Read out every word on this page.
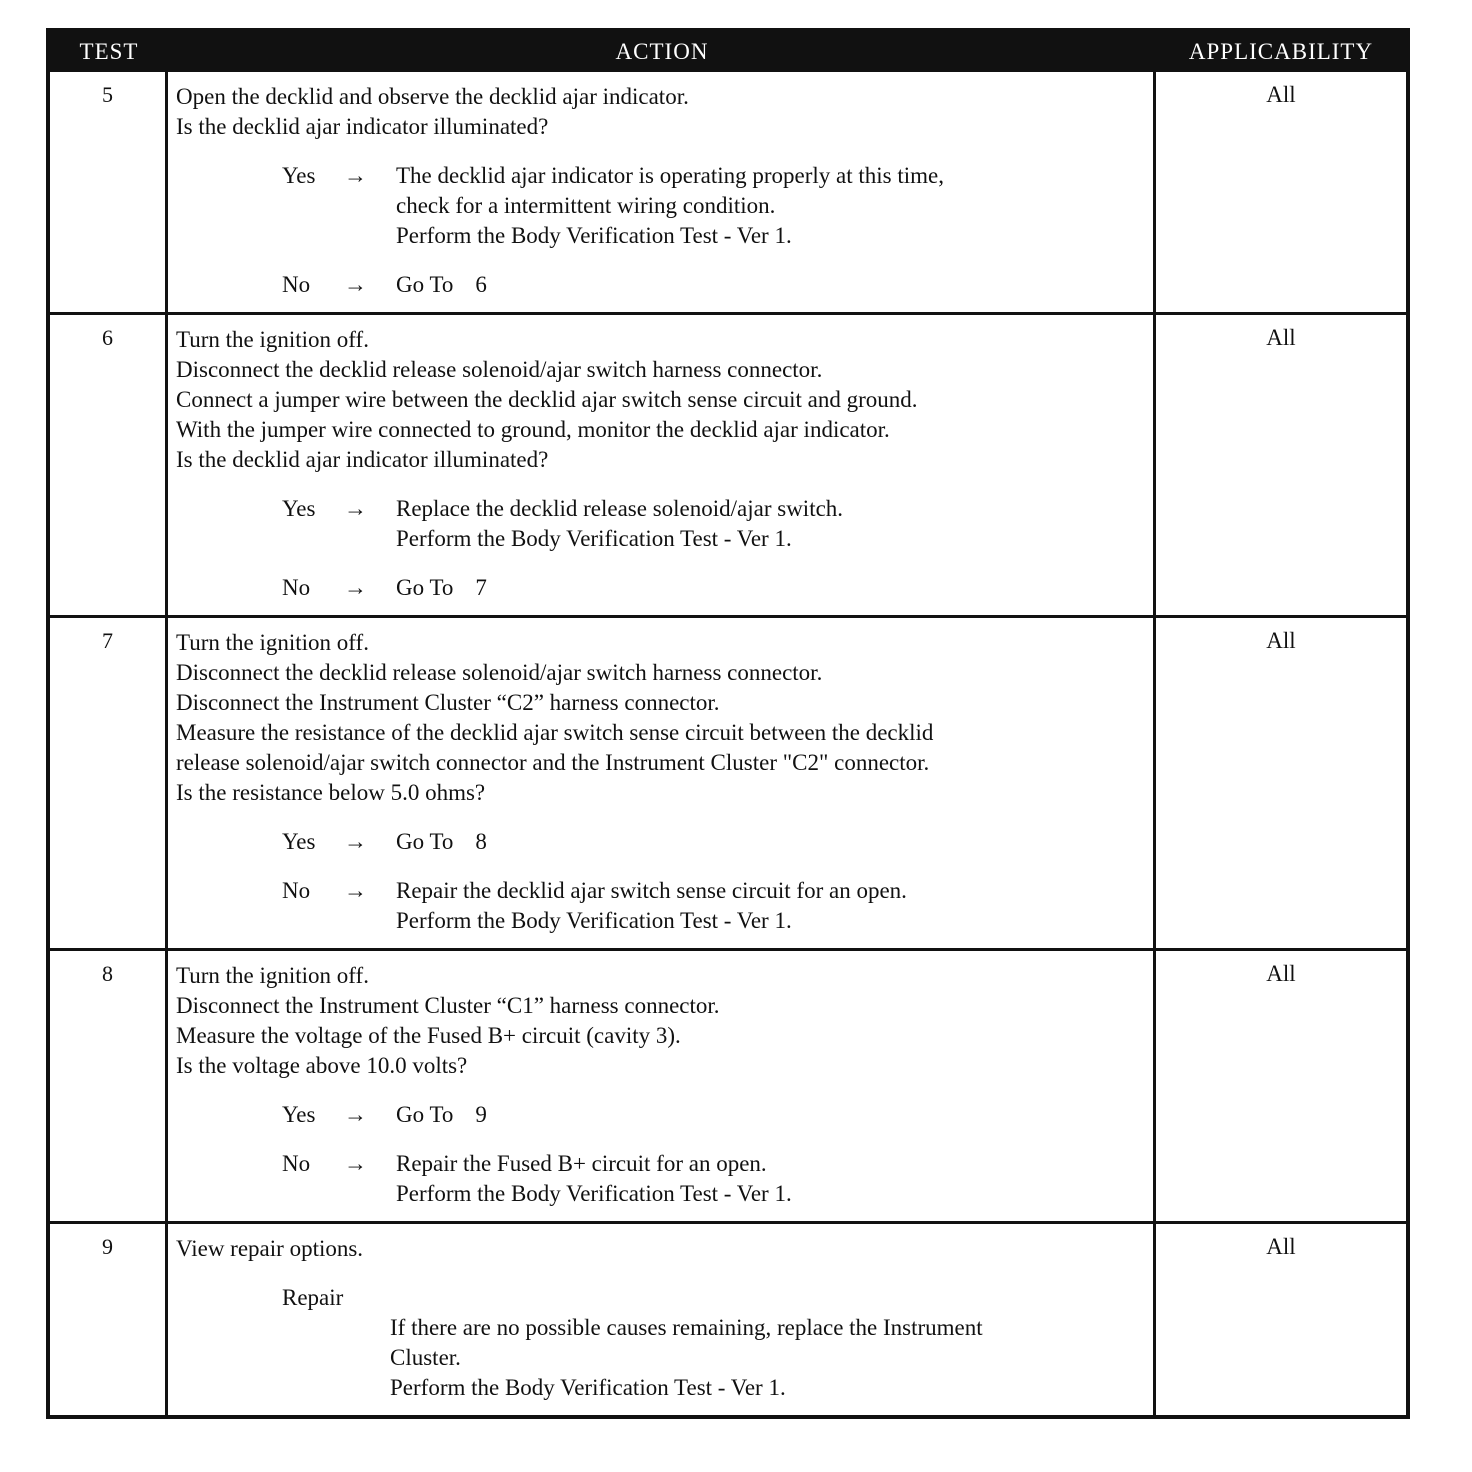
TEST	ACTION	APPLICABILITY
5	Open the decklid and observe the decklid ajar indicator.
Is the decklid ajar indicator illuminated?
Yes	→	The decklid ajar indicator is operating properly at this time,
check for a intermittent wiring condition.
Perform the Body Verification Test - Ver 1.
No	→	Go To 6
All
6	Turn the ignition off.
Disconnect the decklid release solenoid/ajar switch harness connector.
Connect a jumper wire between the decklid ajar switch sense circuit and ground.
With the jumper wire connected to ground, monitor the decklid ajar indicator.
Is the decklid ajar indicator illuminated?
Yes	→	Replace the decklid release solenoid/ajar switch.
Perform the Body Verification Test - Ver 1.
No	→	Go To 7
All
7	Turn the ignition off.
Disconnect the decklid release solenoid/ajar switch harness connector.
Disconnect the Instrument Cluster “C2” harness connector.
Measure the resistance of the decklid ajar switch sense circuit between the decklid
release solenoid/ajar switch connector and the Instrument Cluster "C2" connector.
Is the resistance below 5.0 ohms?
Yes	→	Go To 8
No	→	Repair the decklid ajar switch sense circuit for an open.
Perform the Body Verification Test - Ver 1.
All
8	Turn the ignition off.
Disconnect the Instrument Cluster “C1” harness connector.
Measure the voltage of the Fused B+ circuit (cavity 3).
Is the voltage above 10.0 volts?
Yes	→	Go To 9
No	→	Repair the Fused B+ circuit for an open.
Perform the Body Verification Test - Ver 1.
All
9	View repair options.
Repair
If there are no possible causes remaining, replace the Instrument
Cluster.
Perform the Body Verification Test - Ver 1.
All
